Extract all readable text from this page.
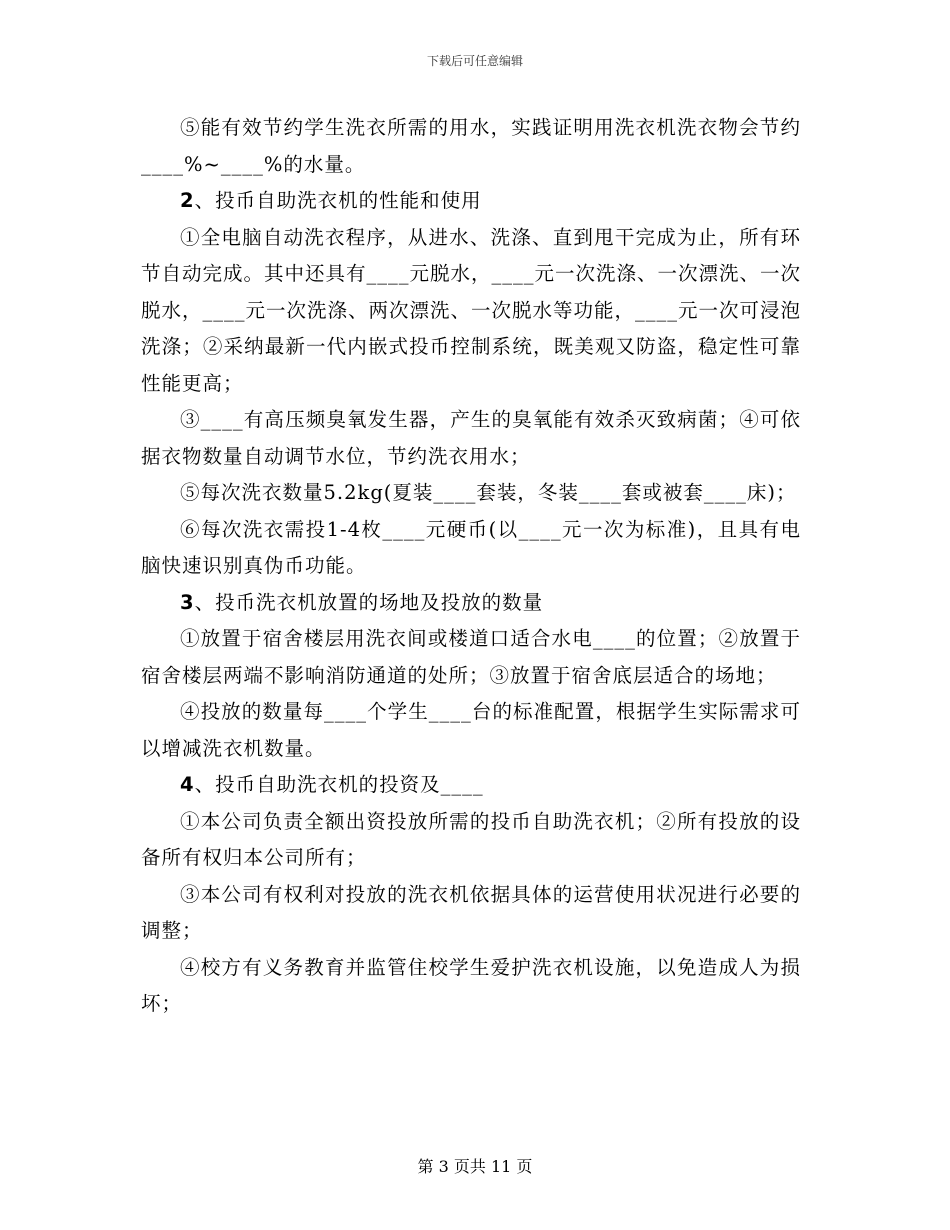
下载后可任意编辑

⑤能有效节约学生洗衣所需的用水，实践证明用洗衣机洗衣物会节约____%~____%的水量。

2、投币自助洗衣机的性能和使用

①全电脑自动洗衣程序，从进水、洗涤、直到甩干完成为止，所有环节自动完成。其中还具有____元脱水，____元一次洗涤、一次漂洗、一次脱水，____元一次洗涤、两次漂洗、一次脱水等功能，____元一次可浸泡洗涤；②采纳最新一代内嵌式投币控制系统，既美观又防盗，稳定性可靠性能更高；

③____有高压频臭氧发生器，产生的臭氧能有效杀灭致病菌；④可依据衣物数量自动调节水位，节约洗衣用水；

⑤每次洗衣数量5.2kg(夏装____套装，冬装____套或被套____床)；

⑥每次洗衣需投1-4枚____元硬币(以____元一次为标准)，且具有电脑快速识别真伪币功能。

3、投币洗衣机放置的场地及投放的数量

①放置于宿舍楼层用洗衣间或楼道口适合水电____的位置；②放置于宿舍楼层两端不影响消防通道的处所；③放置于宿舍底层适合的场地；

④投放的数量每____个学生____台的标准配置，根据学生实际需求可以增减洗衣机数量。

4、投币自助洗衣机的投资及____

①本公司负责全额出资投放所需的投币自助洗衣机；②所有投放的设备所有权归本公司所有；

③本公司有权利对投放的洗衣机依据具体的运营使用状况进行必要的调整；

④校方有义务教育并监管住校学生爱护洗衣机设施，以免造成人为损坏；

第 3 页共 11 页
